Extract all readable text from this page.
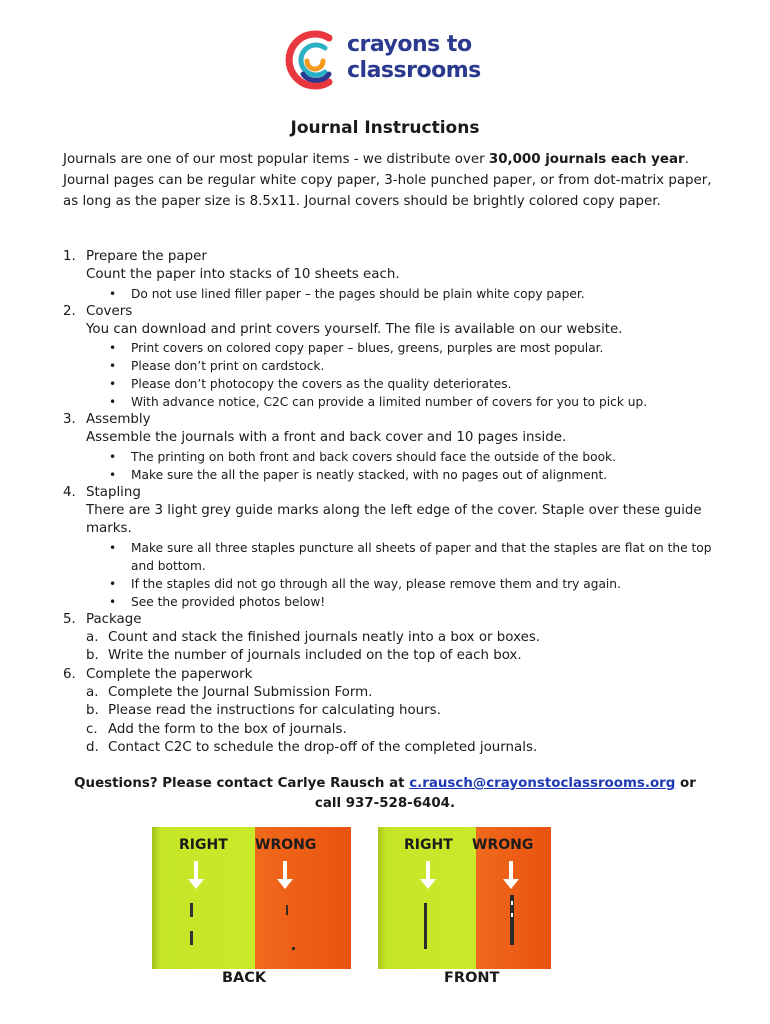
crayons to
classrooms
Journal Instructions
Journals are one of our most popular items - we distribute over 30,000 journals each year. Journal pages can be regular white copy paper, 3-hole punched paper, or from dot-matrix paper, as long as the paper size is 8.5x11. Journal covers should be brightly colored copy paper.
1. Prepare the paper
Count the paper into stacks of 10 sheets each.
• Do not use lined filler paper – the pages should be plain white copy paper.
2. Covers
You can download and print covers yourself. The file is available on our website.
• Print covers on colored copy paper – blues, greens, purples are most popular.
• Please don’t print on cardstock.
• Please don’t photocopy the covers as the quality deteriorates.
• With advance notice, C2C can provide a limited number of covers for you to pick up.
3. Assembly
Assemble the journals with a front and back cover and 10 pages inside.
• The printing on both front and back covers should face the outside of the book.
• Make sure the all the paper is neatly stacked, with no pages out of alignment.
4. Stapling
There are 3 light grey guide marks along the left edge of the cover. Staple over these guide marks.
• Make sure all three staples puncture all sheets of paper and that the staples are flat on the top and bottom.
• If the staples did not go through all the way, please remove them and try again.
• See the provided photos below!
5. Package
a. Count and stack the finished journals neatly into a box or boxes.
b. Write the number of journals included on the top of each box.
6. Complete the paperwork
a. Complete the Journal Submission Form.
b. Please read the instructions for calculating hours.
c. Add the form to the box of journals.
d. Contact C2C to schedule the drop-off of the completed journals.
Questions? Please contact Carlye Rausch at c.rausch@crayonstoclassrooms.org or
call 937-528-6404.
RIGHT WRONG
BACK
RIGHT WRONG
FRONT
